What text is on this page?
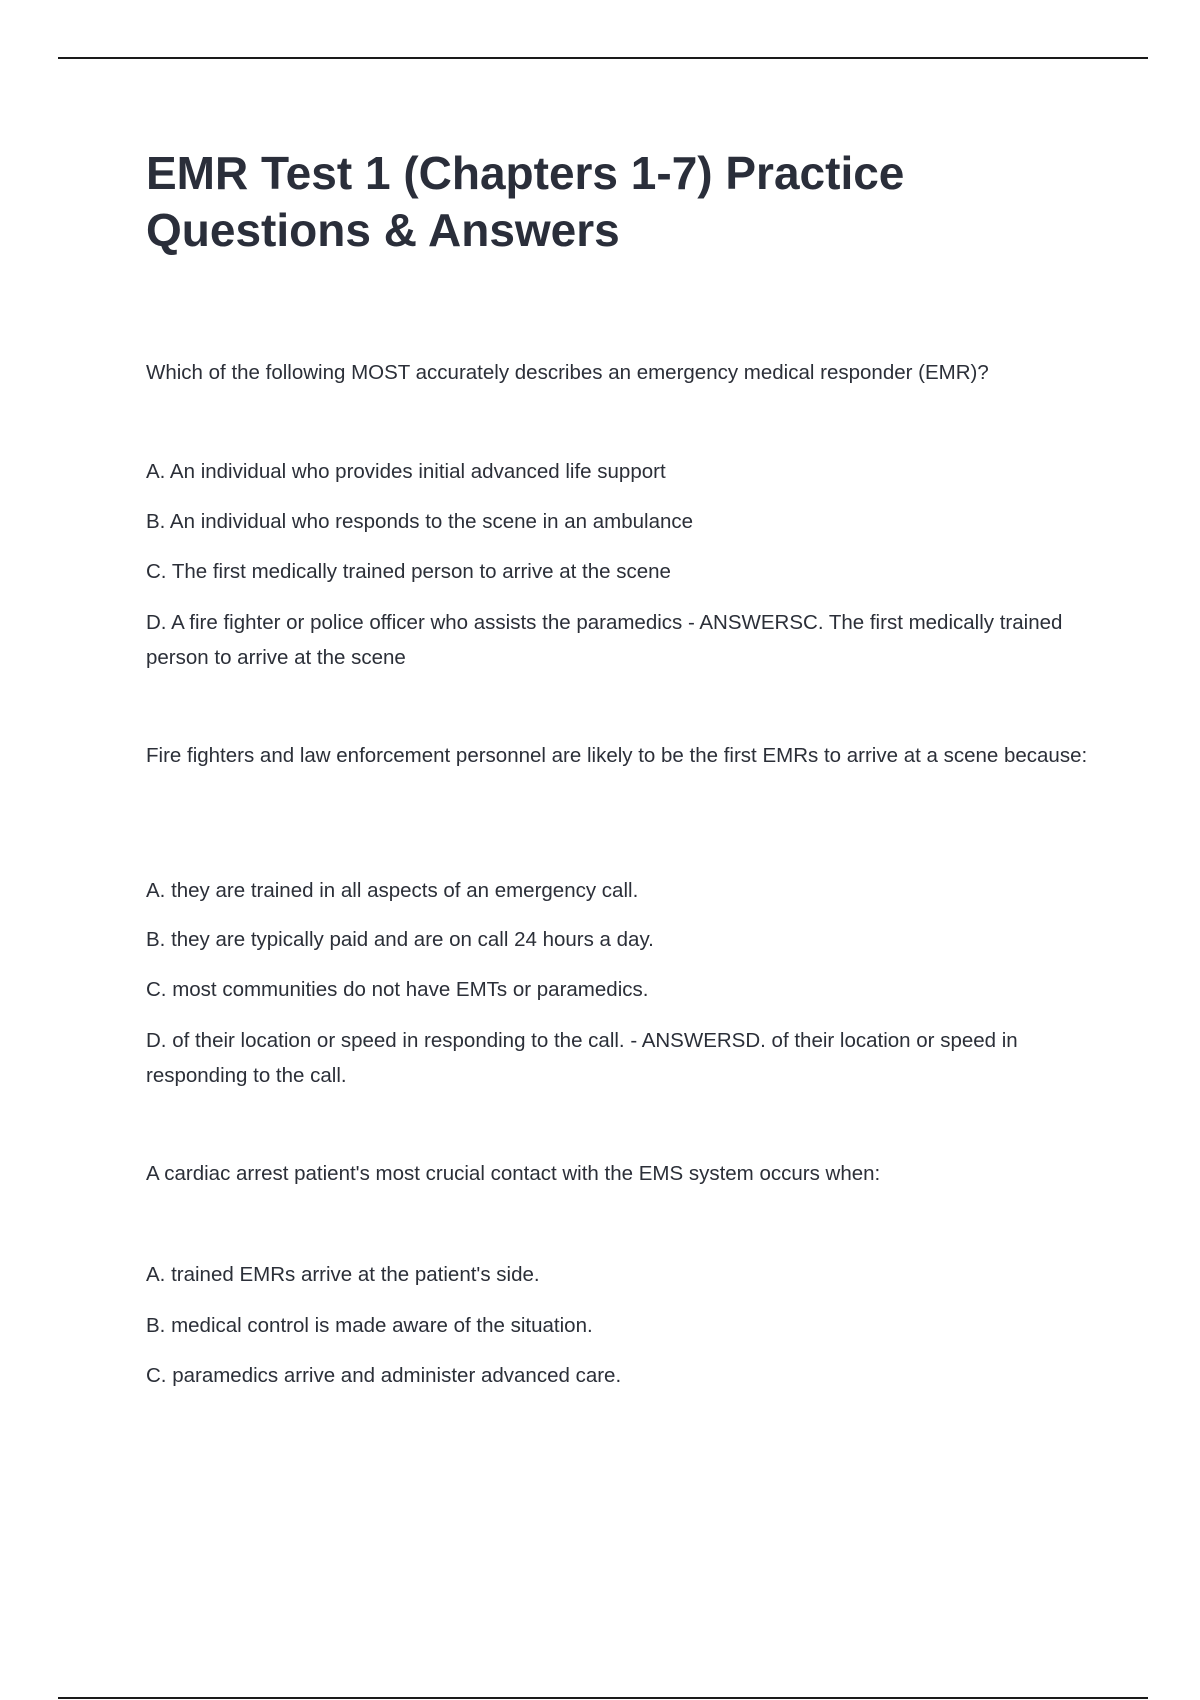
EMR Test 1 (Chapters 1-7) Practice Questions & Answers
Which of the following MOST accurately describes an emergency medical responder (EMR)?
A. An individual who provides initial advanced life support
B. An individual who responds to the scene in an ambulance
C. The first medically trained person to arrive at the scene
D. A fire fighter or police officer who assists the paramedics - ANSWERSC. The first medically trained person to arrive at the scene
Fire fighters and law enforcement personnel are likely to be the first EMRs to arrive at a scene because:
A. they are trained in all aspects of an emergency call.
B. they are typically paid and are on call 24 hours a day.
C. most communities do not have EMTs or paramedics.
D. of their location or speed in responding to the call. - ANSWERSD. of their location or speed in responding to the call.
A cardiac arrest patient's most crucial contact with the EMS system occurs when:
A. trained EMRs arrive at the patient's side.
B. medical control is made aware of the situation.
C. paramedics arrive and administer advanced care.
